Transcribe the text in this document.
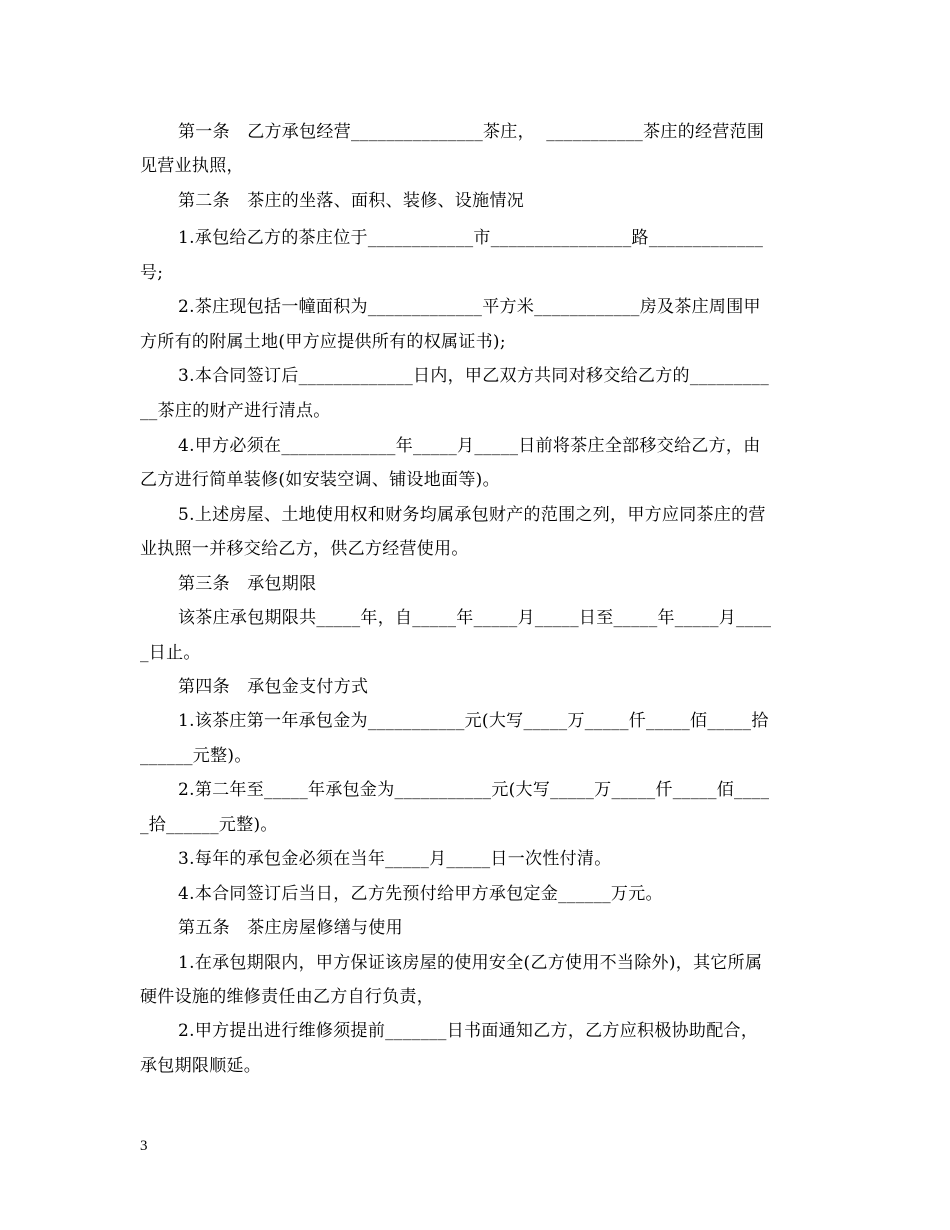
第一条　乙方承包经营_______________茶庄，  ___________茶庄的经营范围
见营业执照，
第二条　茶庄的坐落、面积、装修、设施情况
1.承包给乙方的茶庄位于____________市________________路_____________
号;
2.茶庄现包括一幢面积为_____________平方米____________房及茶庄周围甲
方所有的附属土地(甲方应提供所有的权属证书);
3.本合同签订后_____________日内，甲乙双方共同对移交给乙方的_________
__茶庄的财产进行清点。
4.甲方必须在_____________年_____月_____日前将茶庄全部移交给乙方，由
乙方进行简单装修(如安装空调、铺设地面等)。
5.上述房屋、土地使用权和财务均属承包财产的范围之列，甲方应同茶庄的营
业执照一并移交给乙方，供乙方经营使用。
第三条　承包期限
该茶庄承包期限共_____年，自_____年_____月_____日至_____年_____月____
_日止。
第四条　承包金支付方式
1.该茶庄第一年承包金为___________元(大写_____万_____仟_____佰_____拾
______元整)。
2.第二年至_____年承包金为___________元(大写_____万_____仟_____佰____
_拾______元整)。
3.每年的承包金必须在当年_____月_____日一次性付清。
4.本合同签订后当日，乙方先预付给甲方承包定金______万元。
第五条　茶庄房屋修缮与使用
1.在承包期限内，甲方保证该房屋的使用安全(乙方使用不当除外)，其它所属
硬件设施的维修责任由乙方自行负责，
2.甲方提出进行维修须提前_______日书面通知乙方，乙方应积极协助配合，
承包期限顺延。
3
